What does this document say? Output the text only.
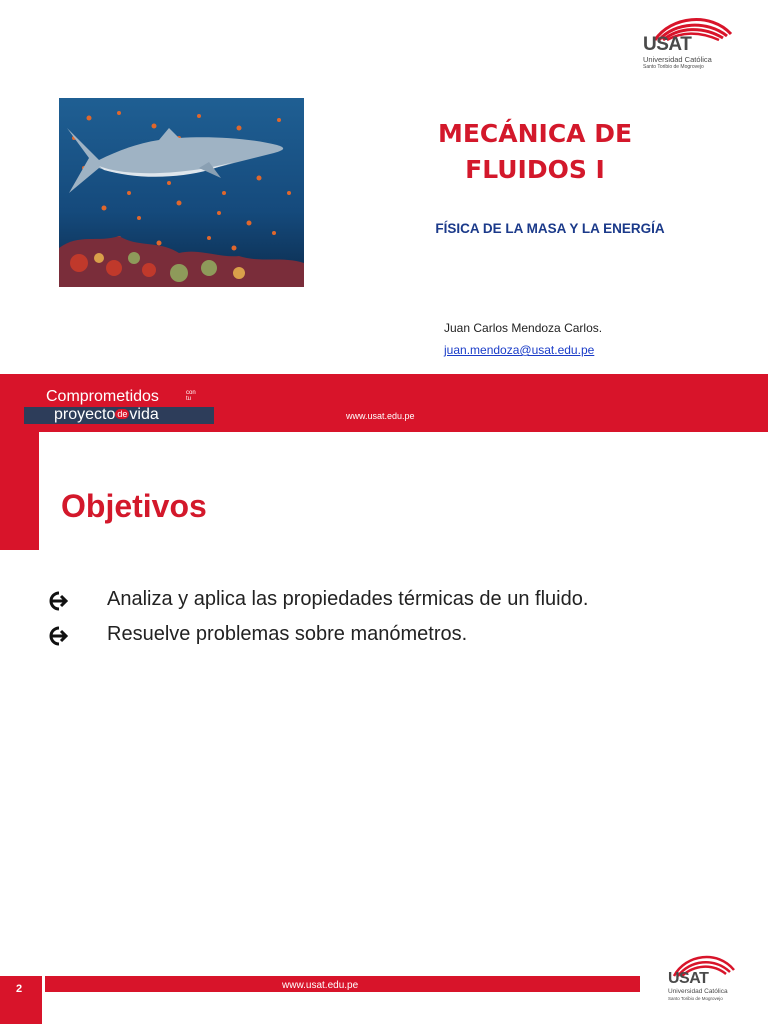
USAT
Universidad Católica
Santo Toribio de Mogrovejo
MECÁNICA DE
FLUIDOS I
FÍSICA DE LA MASA Y LA ENERGÍA
Juan Carlos Mendoza Carlos.
juan.mendoza@usat.edu.pe
Comprometidos	con tu
proyecto de vida	www.usat.edu.pe
Objetivos
Analiza y aplica las propiedades térmicas de un fluido.
Resuelve problemas sobre manómetros.
2	www.usat.edu.pe	USAT
Universidad Católica
Santo Toribio de Mogrovejo
